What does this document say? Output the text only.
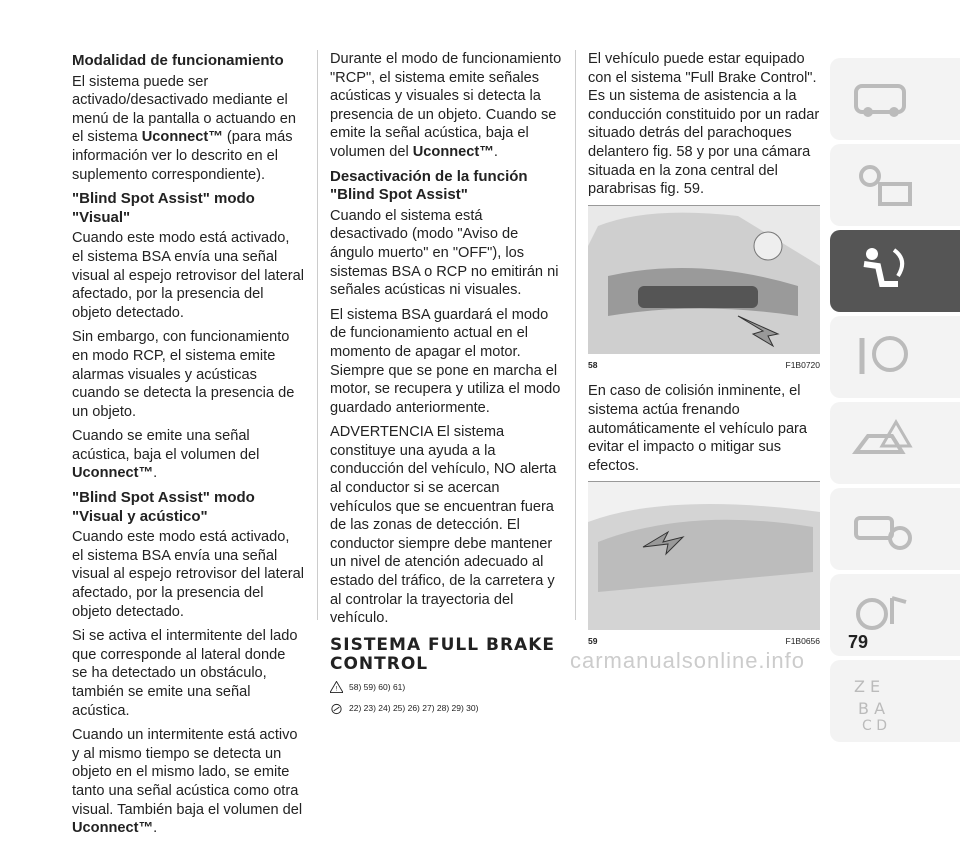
Modalidad de funcionamiento

El sistema puede ser activado/desactivado mediante el menú de la pantalla o actuando en el sistema Uconnect™ (para más información ver lo descrito en el suplemento correspondiente).

"Blind Spot Assist" modo "Visual"

Cuando este modo está activado, el sistema BSA envía una señal visual al espejo retrovisor del lateral afectado, por la presencia del objeto detectado.

Sin embargo, con funcionamiento en modo RCP, el sistema emite alarmas visuales y acústicas cuando se detecta la presencia de un objeto.

Cuando se emite una señal acústica, baja el volumen del Uconnect™.

"Blind Spot Assist" modo "Visual y acústico"

Cuando este modo está activado, el sistema BSA envía una señal visual al espejo retrovisor del lateral afectado, por la presencia del objeto detectado.

Si se activa el intermitente del lado que corresponde al lateral donde se ha detectado un obstáculo, también se emite una señal acústica.

Cuando un intermitente está activo y al mismo tiempo se detecta un objeto en el mismo lado, se emite tanto una señal acústica como otra visual. También baja el volumen del Uconnect™.

Durante el modo de funcionamiento "RCP", el sistema emite señales acústicas y visuales si detecta la presencia de un objeto. Cuando se emite la señal acústica, baja el volumen del Uconnect™.

Desactivación de la función "Blind Spot Assist"

Cuando el sistema está desactivado (modo "Aviso de ángulo muerto" en "OFF"), los sistemas BSA o RCP no emitirán ni señales acústicas ni visuales.

El sistema BSA guardará el modo de funcionamiento actual en el momento de apagar el motor. Siempre que se pone en marcha el motor, se recupera y utiliza el modo guardado anteriormente.

ADVERTENCIA El sistema constituye una ayuda a la conducción del vehículo, NO alerta al conductor si se acercan vehículos que se encuentran fuera de las zonas de detección. El conductor siempre debe mantener un nivel de atención adecuado al estado del tráfico, de la carretera y al controlar la trayectoria del vehículo.

SISTEMA FULL BRAKE CONTROL
! 58) 59) 60) 61)
22) 23) 24) 25) 26) 27) 28) 29) 30)

El vehículo puede estar equipado con el sistema "Full Brake Control". Es un sistema de asistencia a la conducción constituido por un radar situado detrás del parachoques delantero fig. 58 y por una cámara situada en la zona central del parabrisas fig. 59.

58	F1B0720

En caso de colisión inminente, el sistema actúa frenando automáticamente el vehículo para evitar el impacto o mitigar sus efectos.

59	F1B0656
Z E
B A
C D
79
carmanualsonline.info
